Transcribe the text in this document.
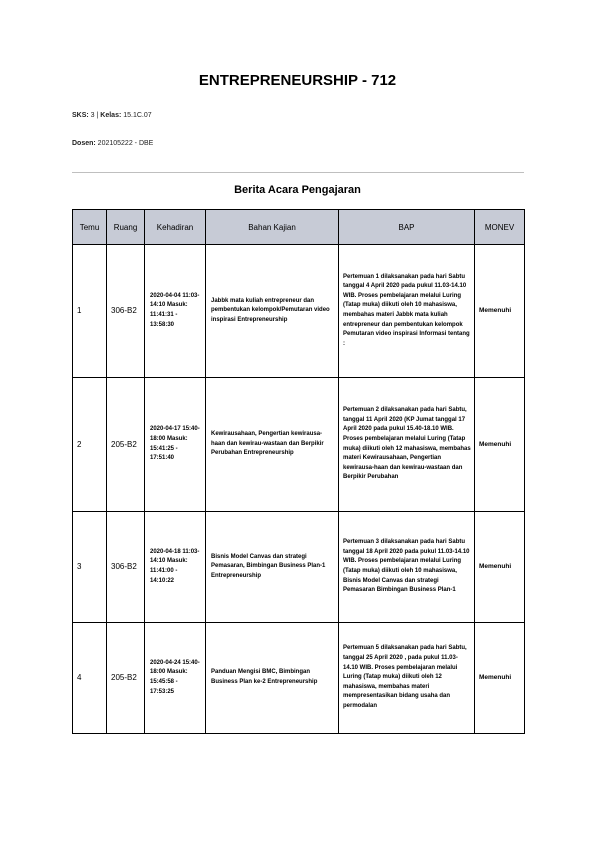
ENTREPRENEURSHIP - 712
SKS: 3 | Kelas: 15.1C.07
Dosen: 202105222 - DBE
Berita Acara Pengajaran
Temu	Ruang	Kehadiran	Bahan Kajian	BAP	MONEV
1	306-B2	2020-04-04 11:03-14:10 Masuk: 11:41:31 - 13:58:30	Jabbk mata kuliah entrepreneur dan pembentukan kelompok/Pemutaran video inspirasi Entrepreneurship	Pertemuan 1 dilaksanakan pada hari Sabtu tanggal 4 April 2020 pada pukul 11.03-14.10 WIB. Proses pembelajaran melalui Luring (Tatap muka) diikuti oleh 10 mahasiswa, membahas materi Jabbk mata kuliah entrepreneur dan pembentukan kelompok Pemutaran video inspirasi Informasi tentang :	Memenuhi
2	205-B2	2020-04-17 15:40-18:00 Masuk: 15:41:25 - 17:51:40	Kewirausahaan, Pengertian kewirausa-haan dan kewirau-wastaan dan Berpikir Perubahan Entrepreneurship	Pertemuan 2 dilaksanakan pada hari Sabtu, tanggal 11 April 2020 (KP Jumat tanggal 17 April 2020 pada pukul 15.40-18.10 WIB. Proses pembelajaran melalui Luring (Tatap muka) diikuti oleh 12 mahasiswa, membahas materi Kewirausahaan, Pengertian kewirausa-haan dan kewirau-wastaan dan Berpikir Perubahan	Memenuhi
3	306-B2	2020-04-18 11:03-14:10 Masuk: 11:41:00 - 14:10:22	Bisnis Model Canvas dan strategi Pemasaran, Bimbingan Business Plan-1 Entrepreneurship	Pertemuan 3 dilaksanakan pada hari Sabtu tanggal 18 April 2020 pada pukul 11.03-14.10 WIB. Proses pembelajaran melalui Luring (Tatap muka) diikuti oleh 10 mahasiswa, Bisnis Model Canvas dan strategi Pemasaran Bimbingan Business Plan-1	Memenuhi
4	205-B2	2020-04-24 15:40-18:00 Masuk: 15:45:58 - 17:53:25	Panduan Mengisi BMC, Bimbingan Business Plan ke-2 Entrepreneurship	Pertemuan 5 dilaksanakan pada hari Sabtu, tanggal 25 April 2020 , pada pukul 11.03-14.10 WIB. Proses pembelajaran melalui Luring (Tatap muka) diikuti oleh 12 mahasiswa, membahas materi mempresentasikan bidang usaha dan permodalan	Memenuhi
